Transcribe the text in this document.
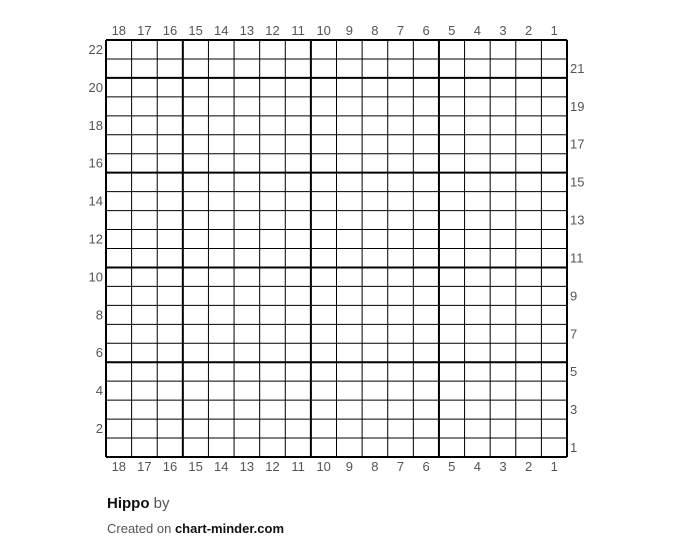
18 17 16 15 14 13 12 11 10 9 8 7 6 5 4 3 2 1
18 17 16 15 14 13 12 11 10 9 8 7 6 5 4 3 2 1
22
20
18
16
14
12
10
8
6
4
2
21
19
17
15
13
11
9
7
5
3
1
Hippo by
Created on chart-minder.com
